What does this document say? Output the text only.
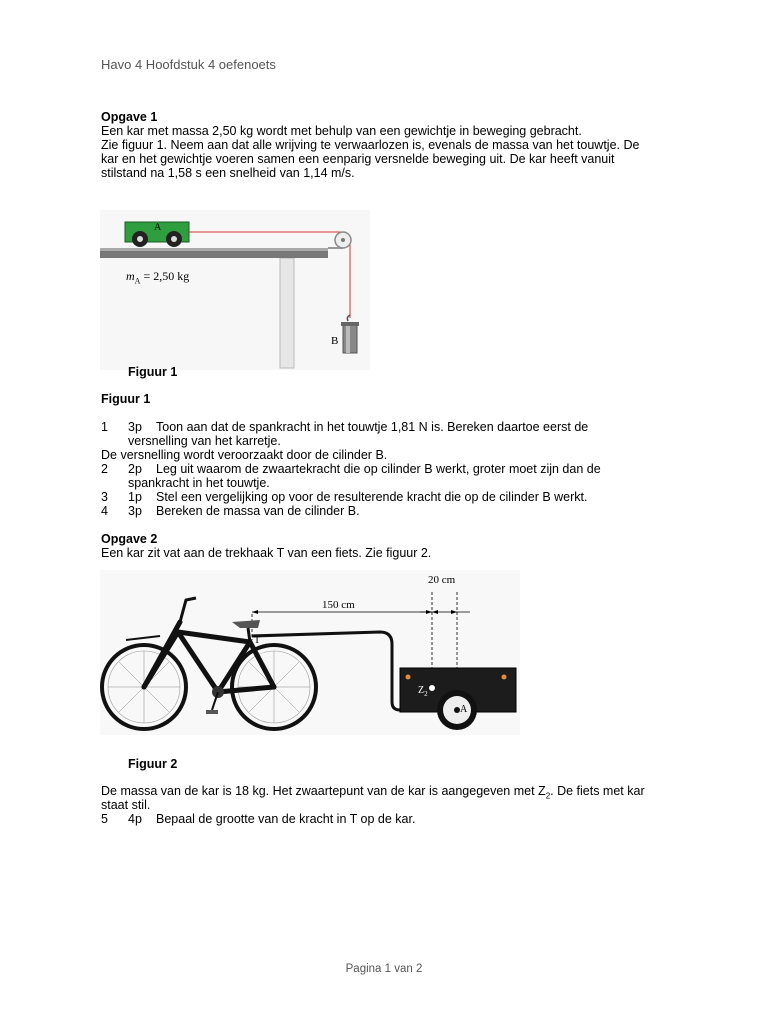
Havo 4 Hoofdstuk 4 oefenoets
Opgave 1
Een kar met massa 2,50 kg wordt met behulp van een gewichtje in beweging gebracht.
Zie figuur 1. Neem aan dat alle wrijving te verwaarlozen is, evenals de massa van het touwtje. De
kar en het gewichtje voeren samen een eenparig versnelde beweging uit. De kar heeft vanuit
stilstand na 1,58 s een snelheid van 1,14 m/s.
A
$m_A = 2,50$ kg
B
Figuur 1
Figuur 1
1 3p Toon aan dat de spankracht in het touwtje 1,81 N is. Bereken daartoe eerst de
versnelling van het karretje.
De versnelling wordt veroorzaakt door de cilinder B.
2 2p Leg uit waarom de zwaartekracht die op cilinder B werkt, groter moet zijn dan de
spankracht in het touwtje.
3 1p Stel een vergelijking op voor de resulterende kracht die op de cilinder B werkt.
4 3p Bereken de massa van de cilinder B.
Opgave 2
Een kar zit vat aan de trekhaak T van een fiets. Zie figuur 2.
150 cm
20 cm
T
$Z_2$
A
Figuur 2
De massa van de kar is 18 kg. Het zwaartepunt van de kar is aangegeven met $Z_2$. De fiets met kar
staat stil.
5 4p Bepaal de grootte van de kracht in T op de kar.
Pagina 1 van 2
